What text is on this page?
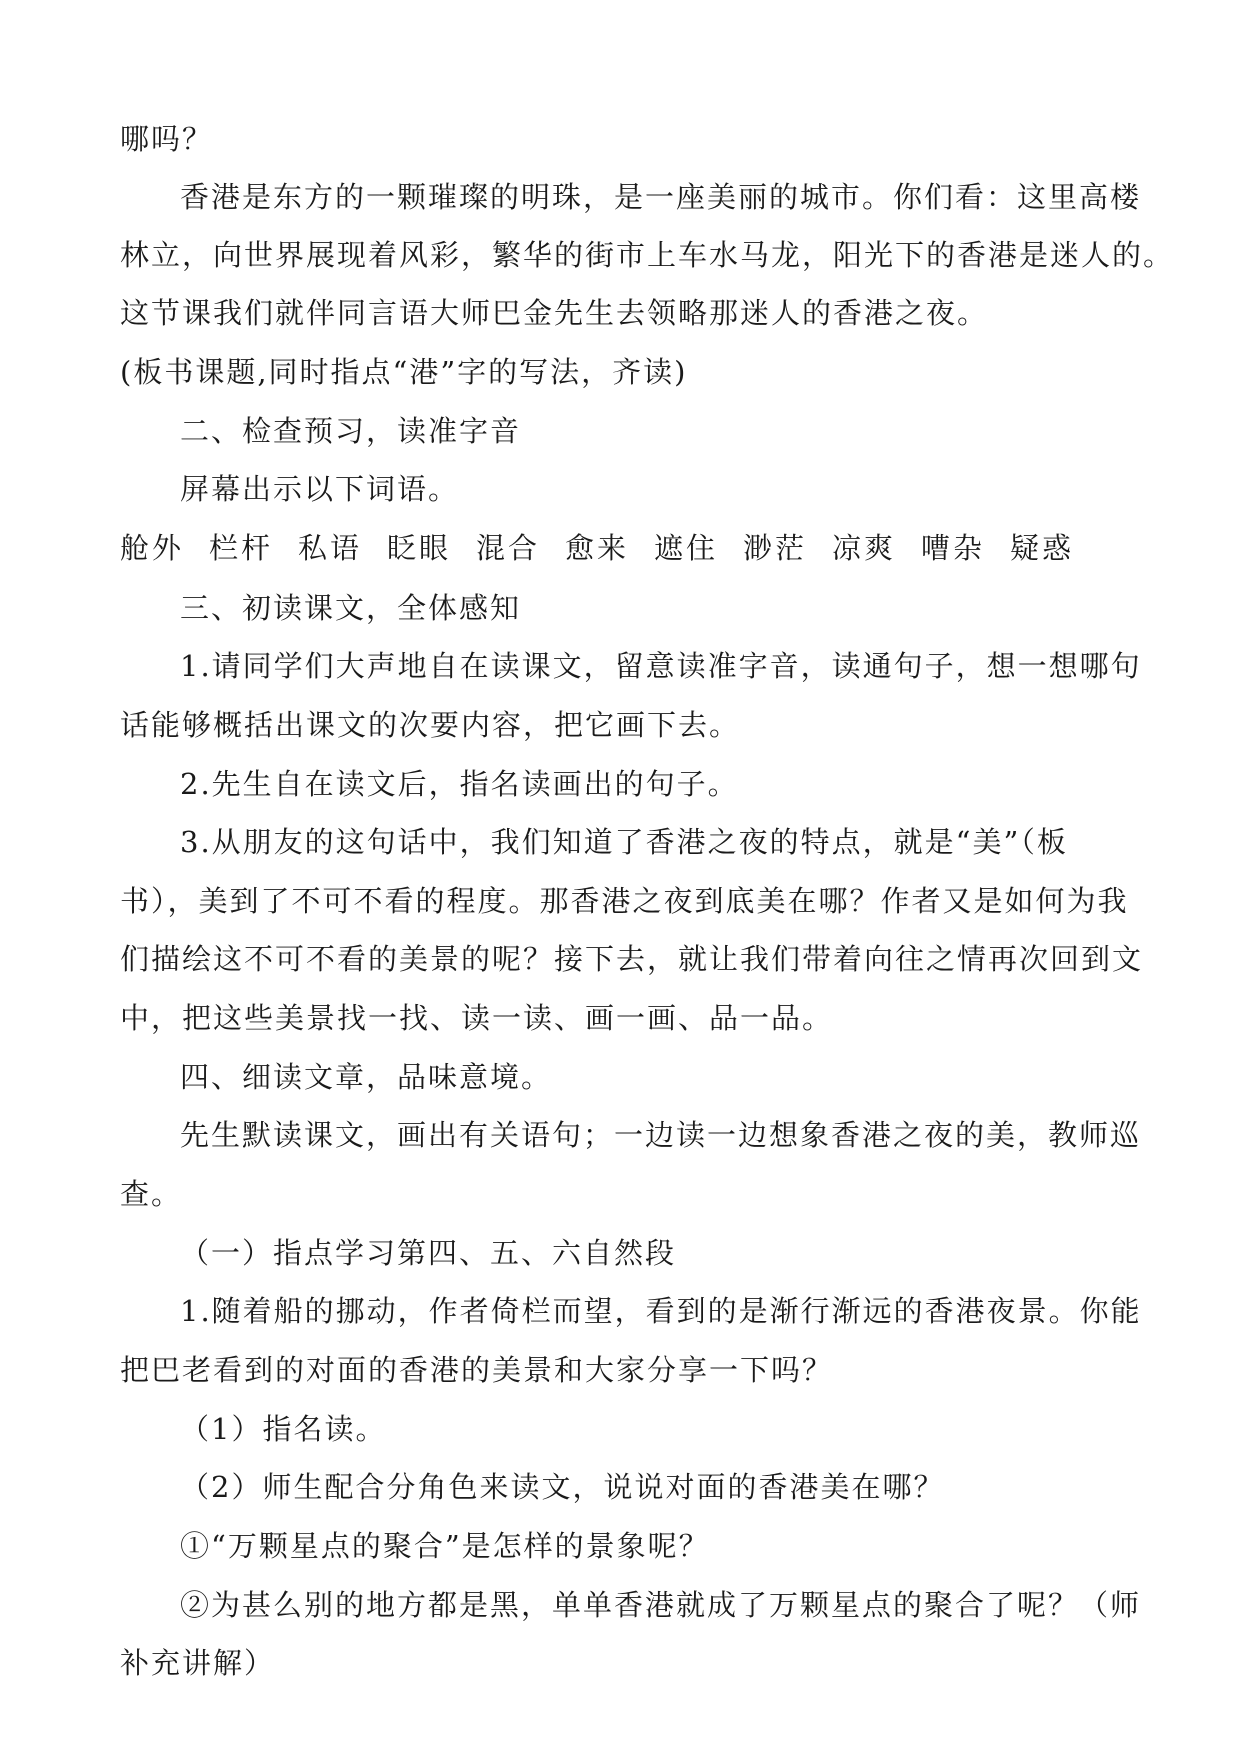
哪吗？
香港是东方的一颗璀璨的明珠，是一座美丽的城市。你们看：这里高楼
林立，向世界展现着风彩，繁华的街市上车水马龙，阳光下的香港是迷人的。
这节课我们就伴同言语大师巴金先生去领略那迷人的香港之夜。
(板书课题,同时指点“港”字的写法，齐读)
二、检查预习，读准字音
屏幕出示以下词语。
舱外 栏杆 私语 眨眼 混合 愈来 遮住 渺茫 凉爽 嘈杂 疑惑
三、初读课文，全体感知
1.请同学们大声地自在读课文，留意读准字音，读通句子，想一想哪句
话能够概括出课文的次要内容，把它画下去。
2.先生自在读文后，指名读画出的句子。
3.从朋友的这句话中，我们知道了香港之夜的特点，就是“美”（板
书），美到了不可不看的程度。那香港之夜到底美在哪？作者又是如何为我
们描绘这不可不看的美景的呢？接下去，就让我们带着向往之情再次回到文
中，把这些美景找一找、读一读、画一画、品一品。
四、细读文章，品味意境。
先生默读课文，画出有关语句；一边读一边想象香港之夜的美，教师巡
查。
（一）指点学习第四、五、六自然段
1.随着船的挪动，作者倚栏而望，看到的是渐行渐远的香港夜景。你能
把巴老看到的对面的香港的美景和大家分享一下吗？
（1）指名读。
（2）师生配合分角色来读文，说说对面的香港美在哪？
①“万颗星点的聚合”是怎样的景象呢？
②为甚么别的地方都是黑，单单香港就成了万颗星点的聚合了呢？（师
补充讲解）
